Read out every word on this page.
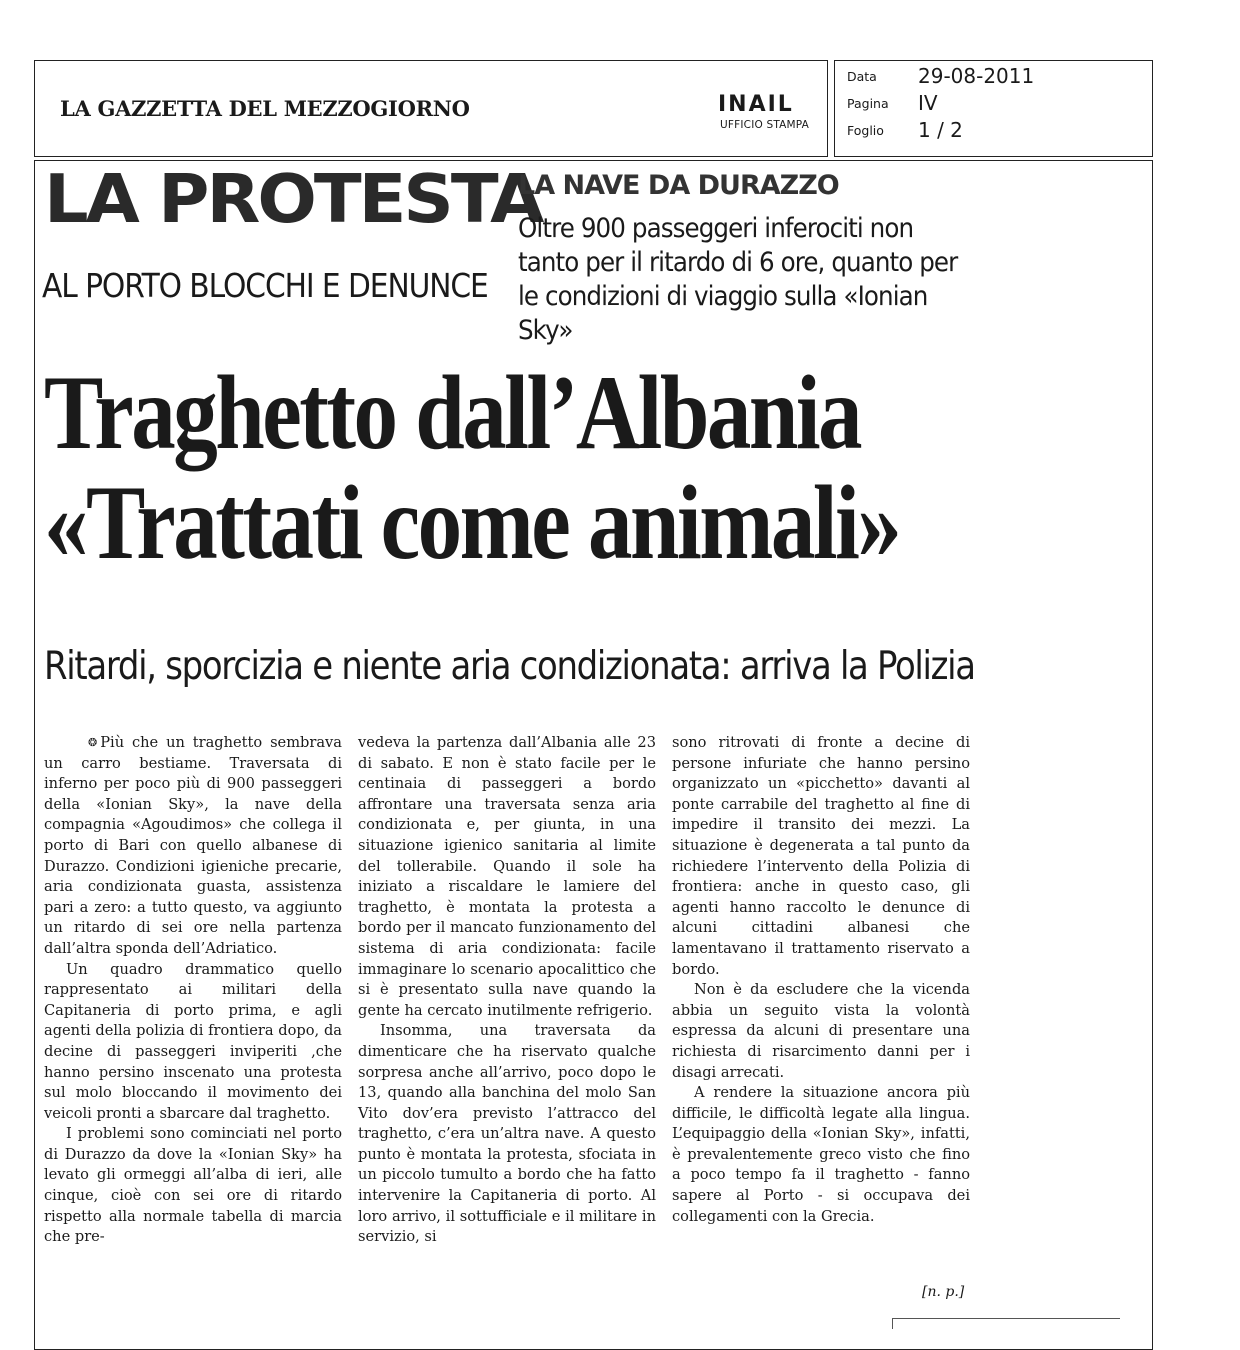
LA GAZZETTA DEL MEZZOGIORNO	INAIL
UFFICIO STAMPA
Data 29-08-2011
Pagina IV
Foglio 1 / 2
LA PROTESTA
AL PORTO BLOCCHI E DENUNCE
LA NAVE DA DURAZZO
Oltre 900 passeggeri inferociti non tanto per il ritardo di 6 ore, quanto per le condizioni di viaggio sulla «Ionian Sky»
Traghetto dall’Albania
«Trattati come animali»
Ritardi, sporcizia e niente aria condizionata: arriva la Polizia

❂ Più che un traghetto sembrava un carro bestiame. Traversata di inferno per poco più di 900 passeggeri della «Ionian Sky», la nave della compagnia «Agoudimos» che collega il porto di Bari con quello albanese di Durazzo. Condizioni igieniche precarie, aria condizionata guasta, assistenza pari a zero: a tutto questo, va aggiunto un ritardo di sei ore nella partenza dall’altra sponda dell’Adriatico.

Un quadro drammatico quello rappresentato ai militari della Capitaneria di porto prima, e agli agenti della polizia di frontiera dopo, da decine di passeggeri inviperiti ,che hanno persino inscenato una protesta sul molo bloccando il movimento dei veicoli pronti a sbarcare dal traghetto.

I problemi sono cominciati nel porto di Durazzo da dove la «Ionian Sky» ha levato gli ormeggi all’alba di ieri, alle cinque, cioè con sei ore di ritardo rispetto alla normale tabella di marcia che pre-

vedeva la partenza dall’Albania alle 23 di sabato. E non è stato facile per le centinaia di passeggeri a bordo affrontare una traversata senza aria condizionata e, per giunta, in una situazione igienico sanitaria al limite del tollerabile. Quando il sole ha iniziato a riscaldare le lamiere del traghetto, è montata la protesta a bordo per il mancato funzionamento del sistema di aria condizionata: facile immaginare lo scenario apocalittico che si è presentato sulla nave quando la gente ha cercato inutilmente refrigerio.

Insomma, una traversata da dimenticare che ha riservato qualche sorpresa anche all’arrivo, poco dopo le 13, quando alla banchina del molo San Vito dov’era previsto l’attracco del traghetto, c’era un’altra nave. A questo punto è montata la protesta, sfociata in un piccolo tumulto a bordo che ha fatto intervenire la Capitaneria di porto. Al loro arrivo, il sottufficiale e il militare in servizio, si

sono ritrovati di fronte a decine di persone infuriate che hanno persino organizzato un «picchetto» davanti al ponte carrabile del traghetto al fine di impedire il transito dei mezzi. La situazione è degenerata a tal punto da richiedere l’intervento della Polizia di frontiera: anche in questo caso, gli agenti hanno raccolto le denunce di alcuni cittadini albanesi che lamentavano il trattamento riservato a bordo.

Non è da escludere che la vicenda abbia un seguito vista la volontà espressa da alcuni di presentare una richiesta di risarcimento danni per i disagi arrecati.

A rendere la situazione ancora più difficile, le difficoltà legate alla lingua. L’equipaggio della «Ionian Sky», infatti, è prevalentemente greco visto che fino a poco tempo fa il traghetto - fanno sapere al Porto - si occupava dei collegamenti con la Grecia.

[n. p.]
